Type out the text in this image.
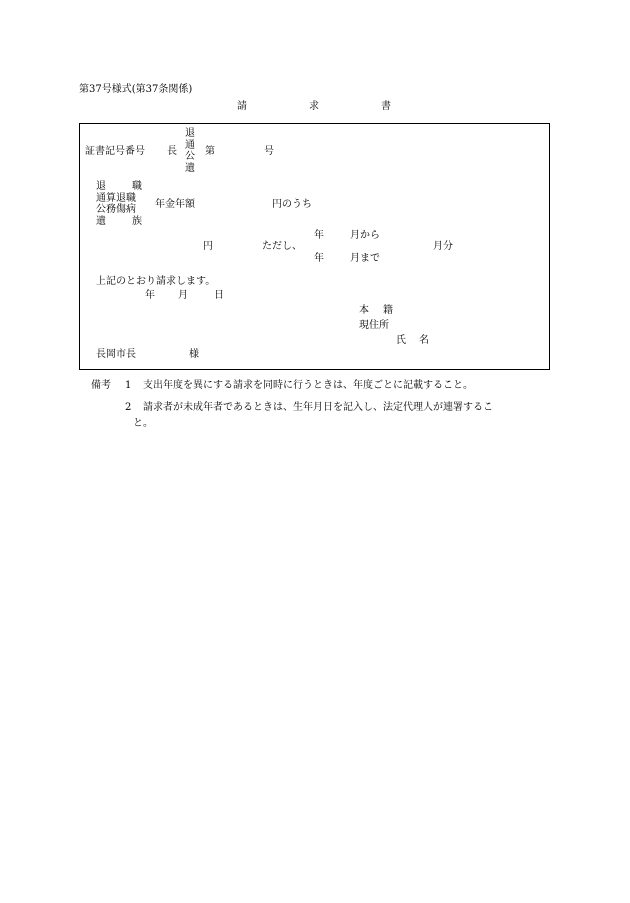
第37号様式(第37条関係)
請	求	書
証書記号番号 長
退
通
公
遺
第	号
退	職
通算退職
公務傷病
遺	族
年金年額	円のうち
年	月から
円	ただし、	月分
年	月まで
上記のとおり請求します。
年 月	日
本 籍
現住所
氏 名
長岡市長	様
備考 1 支出年度を異にする請求を同時に行うときは、年度ごとに記載すること。
2 請求者が未成年者であるときは、生年月日を記入し、法定代理人が連署するこ
と。
